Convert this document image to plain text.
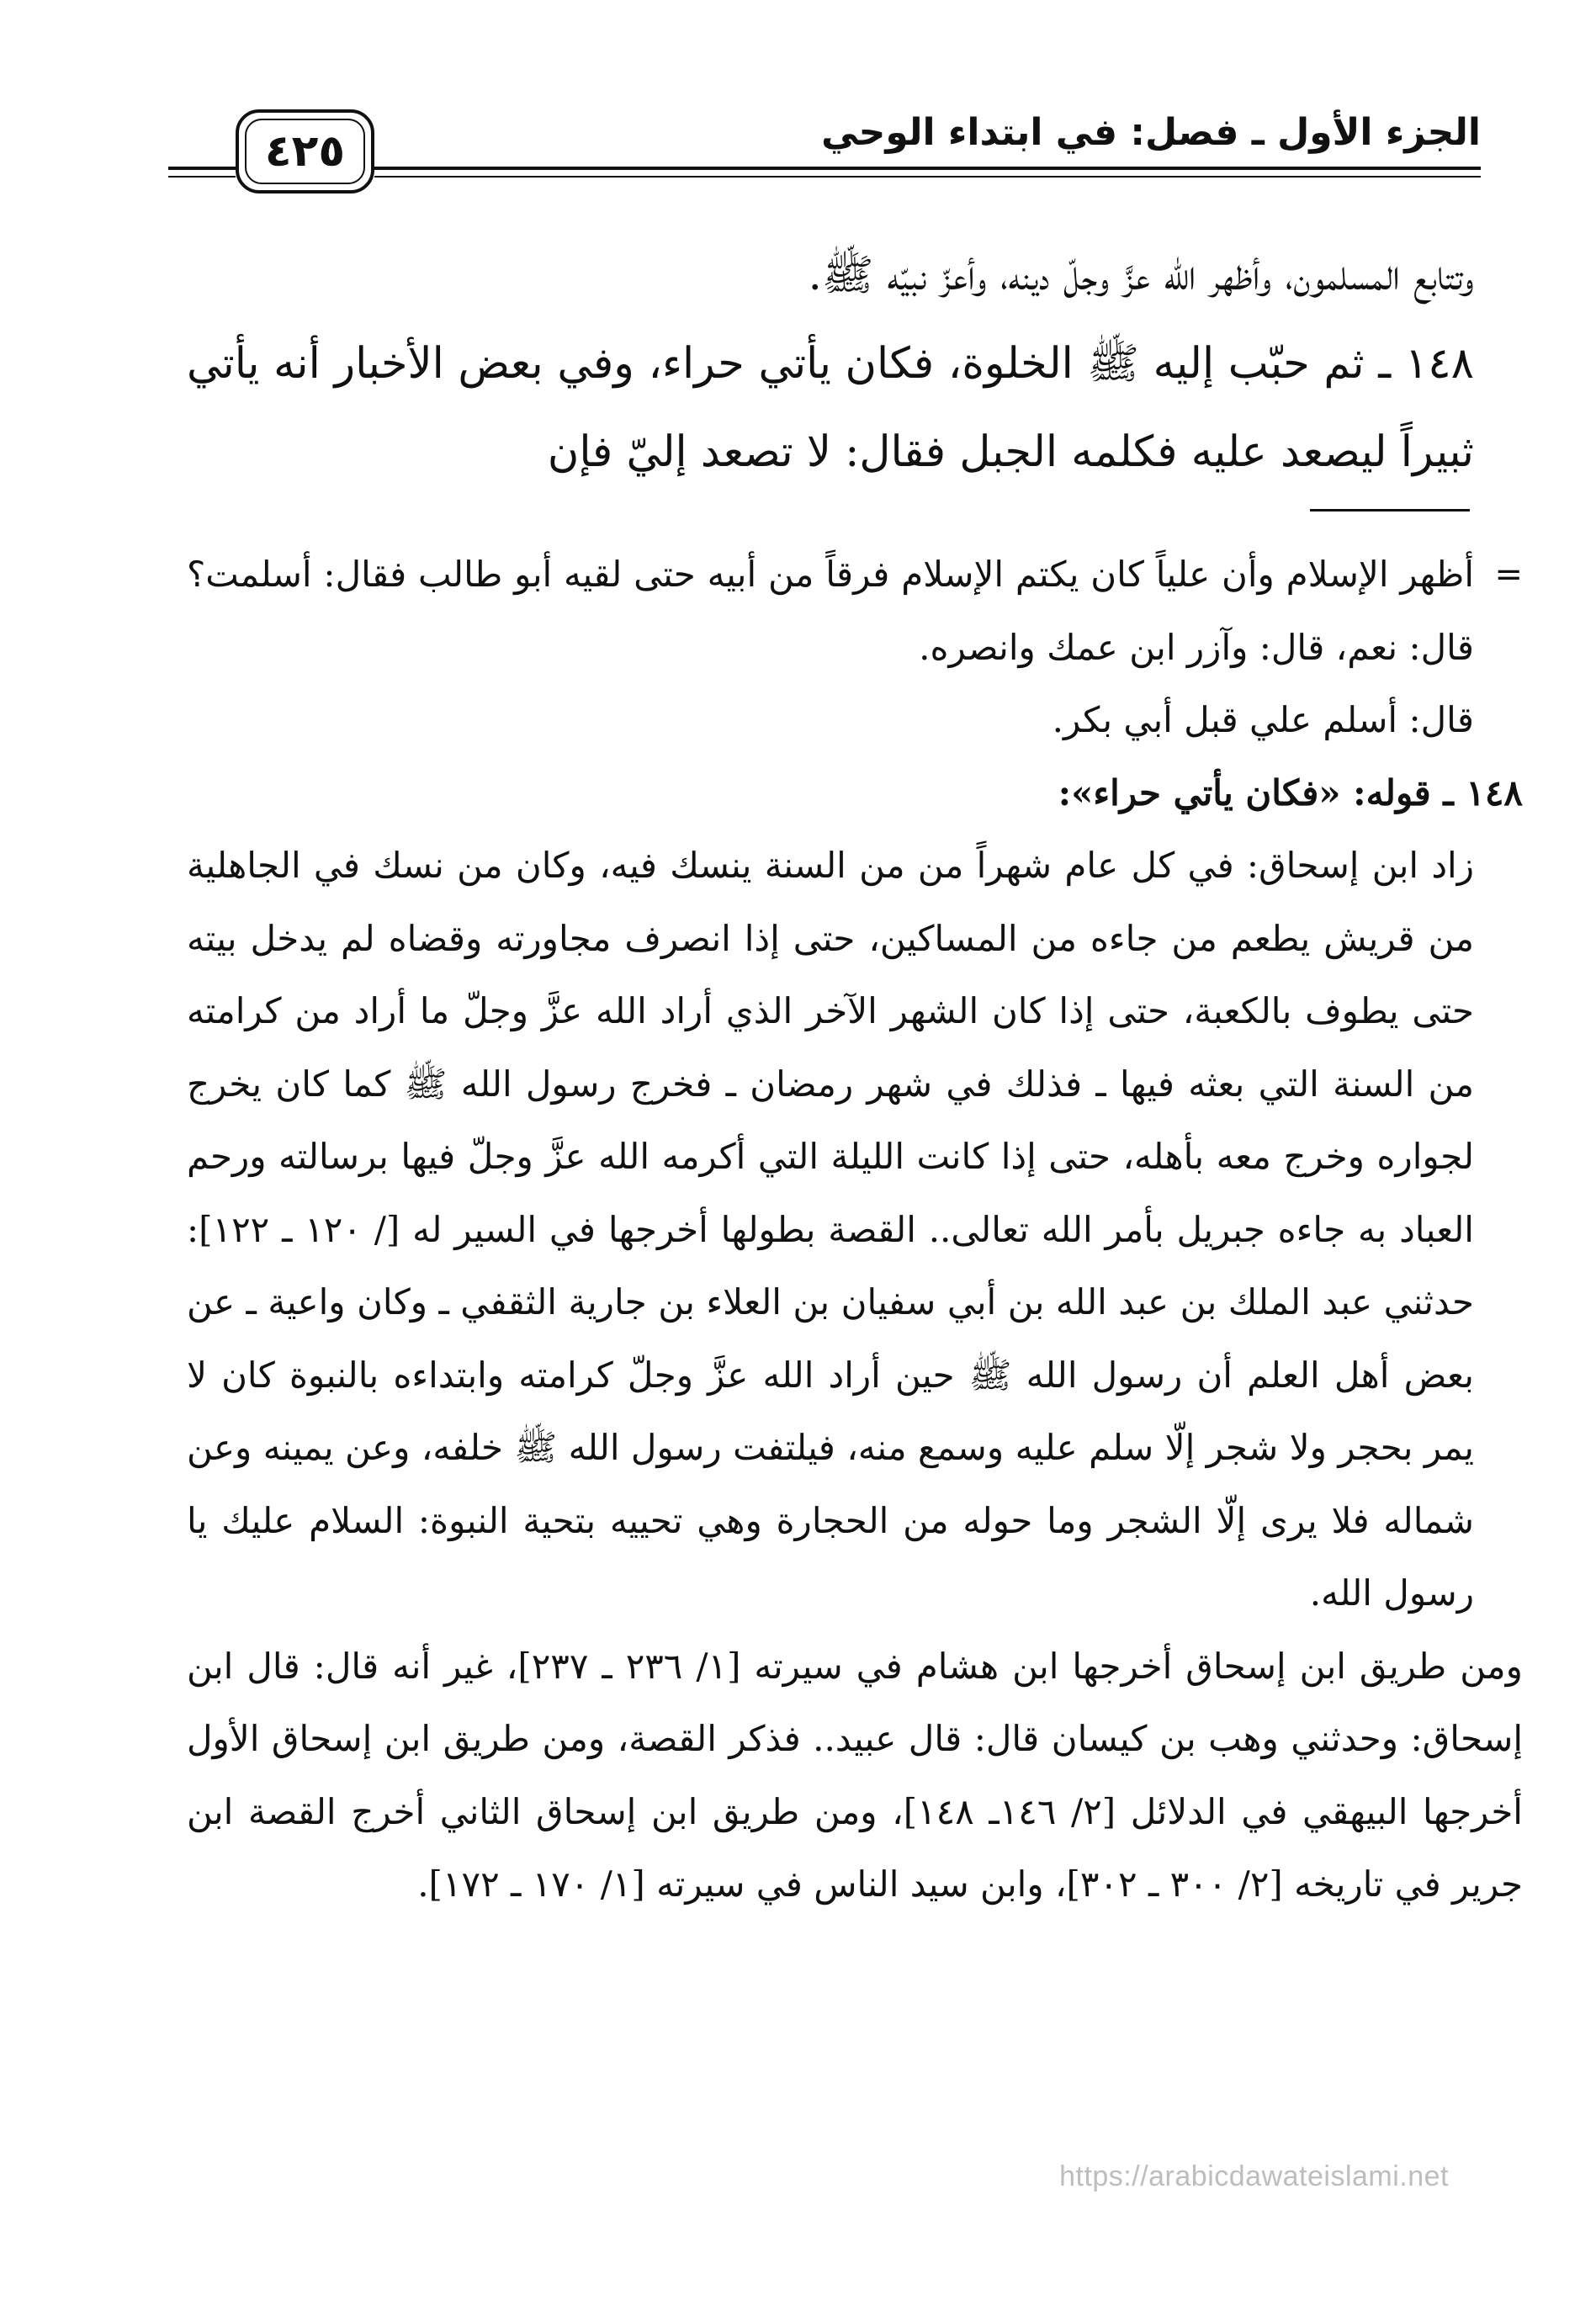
الجزء الأول ـ فصل: في ابتداء الوحي
٤٢٥

وتتابع المسلمون، وأظهر الله عزَّ وجلّ دينه، وأعزّ نبيّه ﷺ.

١٤٨ ـ ثم حبّب إليه ﷺ الخلوة، فكان يأتي حراء، وفي بعض الأخبار أنه يأتي ثبيراً ليصعد عليه فكلمه الجبل فقال: لا تصعد إليّ فإن

=

أظهر الإسلام وأن علياً كان يكتم الإسلام فرقاً من أبيه حتى لقيه أبو طالب فقال: أسلمت؟ قال: نعم، قال: وآزر ابن عمك وانصره.

قال: أسلم علي قبل أبي بكر.

١٤٨ ـ قوله: «فكان يأتي حراء»:

زاد ابن إسحاق: في كل عام شهراً من من السنة ينسك فيه، وكان من نسك في الجاهلية من قريش يطعم من جاءه من المساكين، حتى إذا انصرف مجاورته وقضاه لم يدخل بيته حتى يطوف بالكعبة، حتى إذا كان الشهر الآخر الذي أراد الله عزَّ وجلّ ما أراد من كرامته من السنة التي بعثه فيها ـ فذلك في شهر رمضان ـ فخرج رسول الله ﷺ كما كان يخرج لجواره وخرج معه بأهله، حتى إذا كانت الليلة التي أكرمه الله عزَّ وجلّ فيها برسالته ورحم العباد به جاءه جبريل بأمر الله تعالى.. القصة بطولها أخرجها في السير له [/ ١٢٠ ـ ١٢٢]: حدثني عبد الملك بن عبد الله بن أبي سفيان بن العلاء بن جارية الثقفي ـ وكان واعية ـ عن بعض أهل العلم أن رسول الله ﷺ حين أراد الله عزَّ وجلّ كرامته وابتداءه بالنبوة كان لا يمر بحجر ولا شجر إلّا سلم عليه وسمع منه، فيلتفت رسول الله ﷺ خلفه، وعن يمينه وعن شماله فلا يرى إلّا الشجر وما حوله من الحجارة وهي تحييه بتحية النبوة: السلام عليك يا رسول الله.

ومن طريق ابن إسحاق أخرجها ابن هشام في سيرته [١/ ٢٣٦ ـ ٢٣٧]، غير أنه قال: قال ابن إسحاق: وحدثني وهب بن كيسان قال: قال عبيد.. فذكر القصة، ومن طريق ابن إسحاق الأول أخرجها البيهقي في الدلائل [٢/ ١٤٦ـ ١٤٨]، ومن طريق ابن إسحاق الثاني أخرج القصة ابن جرير في تاريخه [٢/ ٣٠٠ ـ ٣٠٢]، وابن سيد الناس في سيرته [١/ ١٧٠ ـ ١٧٢].

https://arabicdawateislami.net
